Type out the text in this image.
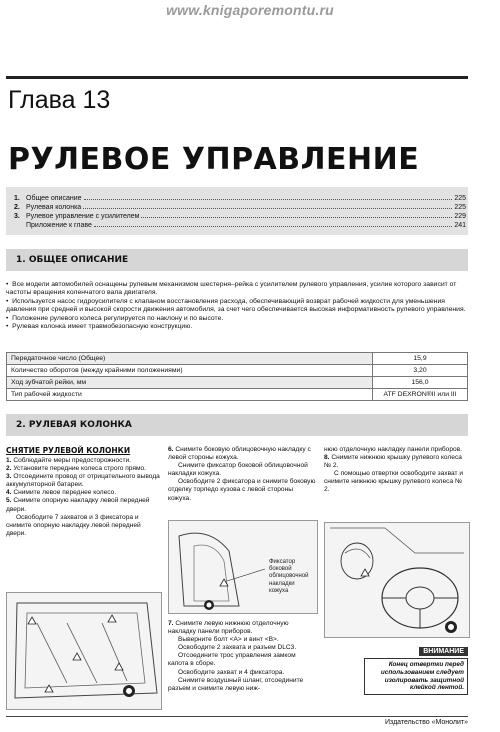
www.knigaporemontu.ru
Глава 13
РУЛЕВОЕ УПРАВЛЕНИЕ
1. Общее описание	225
2. Рулевая колонка	225
3. Рулевое управление с усилителем	229
Приложение к главе	241
1. ОБЩЕЕ ОПИСАНИЕ
•  Все модели автомобилей оснащены рулевым механизмом шестерня–рейка с усилителем рулевого управления, усилие которого зависит от частоты вращения коленчатого вала двигателя.
•  Используется насос гидроусилителя с клапаном восстановления расхода, обеспечивающий возврат рабочей жидкости для уменьшения давления при средней и высокой скорости движения автомобиля, за счет чего обеспечивается высокая информативность рулевого управления.
•  Положение рулевого колеса регулируется по наклону и по высоте.
•  Рулевая колонка имеет травмобезопасную конструкцию.
Передаточное число (Общее)	15,9
Количество оборотов (между крайними положениями)	3,20
Ход зубчатой рейки, мм	156,0
Тип рабочей жидкости	ATF DEXRON®II или III
2. РУЛЕВАЯ КОЛОНКА
СНЯТИЕ РУЛЕВОЙ КОЛОНКИ
1. Соблюдайте меры предосторожности.
2. Установите передние колеса строго прямо.
3. Отсоедините провод от отрицательного вывода аккумуляторной батареи.
4. Снимите левое переднее колесо.
5. Снимите опорную накладку левой передней двери.
Освободите 7 захватов и 3 фиксатора и снимите опорную накладку левой передней двери.
6. Снимите боковую облицовочную накладку с левой стороны кожуха.
Снимите фиксатор боковой облицовочной накладки кожуха.
Освободите 2 фиксатора и снимите боковую отделку торпедо кузова с левой стороны кожуха.
Фиксатор
боковой
облицовочной
накладки
кожуха
7. Снимите левую нижнюю отделочную накладку панели приборов.
Выверните болт <A> и винт <B>.
Освободите 2 захвата и разъем DLC3.
Отсоедините трос управления замком капота в сборе.
Освободите захват и 4 фиксатора.
Снимите воздушный шланг, отсоедините разъем и снимите левую ниж-
нюю отделочную накладку панели приборов.
8. Снимите нижнюю крышку рулевого колеса № 2.
С помощью отвертки освободите захват и снимите нижнюю крышку рулевого колеса № 2.
ВНИМАНИЕ
Конец отвертки перед использованием следует изолировать защитной клейкой лентой.
Издательство «Монолит»
